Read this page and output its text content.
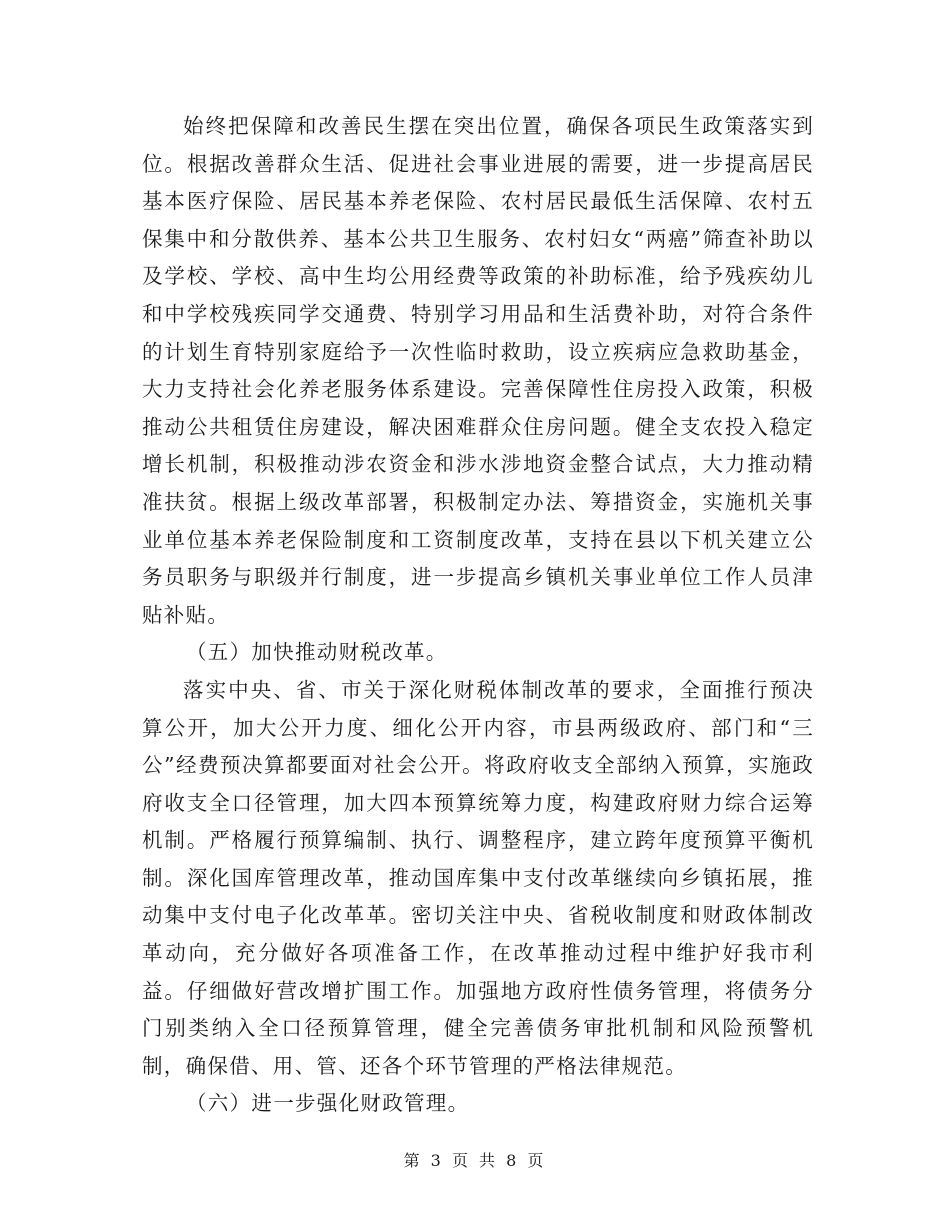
始终把保障和改善民生摆在突出位置，确保各项民生政策落实到位。根据改善群众生活、促进社会事业进展的需要，进一步提高居民基本医疗保险、居民基本养老保险、农村居民最低生活保障、农村五保集中和分散供养、基本公共卫生服务、农村妇女“两癌”筛查补助以及学校、学校、高中生均公用经费等政策的补助标准，给予残疾幼儿和中学校残疾同学交通费、特别学习用品和生活费补助，对符合条件的计划生育特别家庭给予一次性临时救助，设立疾病应急救助基金，大力支持社会化养老服务体系建设。完善保障性住房投入政策，积极推动公共租赁住房建设，解决困难群众住房问题。健全支农投入稳定增长机制，积极推动涉农资金和涉水涉地资金整合试点，大力推动精准扶贫。根据上级改革部署，积极制定办法、筹措资金，实施机关事业单位基本养老保险制度和工资制度改革，支持在县以下机关建立公务员职务与职级并行制度，进一步提高乡镇机关事业单位工作人员津贴补贴。

（五）加快推动财税改革。

落实中央、省、市关于深化财税体制改革的要求，全面推行预决算公开，加大公开力度、细化公开内容，市县两级政府、部门和“三公”经费预决算都要面对社会公开。将政府收支全部纳入预算，实施政府收支全口径管理，加大四本预算统筹力度，构建政府财力综合运筹机制。严格履行预算编制、执行、调整程序，建立跨年度预算平衡机制。深化国库管理改革，推动国库集中支付改革继续向乡镇拓展，推动集中支付电子化改革革。密切关注中央、省税收制度和财政体制改革动向，充分做好各项准备工作，在改革推动过程中维护好我市利益。仔细做好营改增扩围工作。加强地方政府性债务管理，将债务分门别类纳入全口径预算管理，健全完善债务审批机制和风险预警机制，确保借、用、管、还各个环节管理的严格法律规范。

（六）进一步强化财政管理。

第 3 页 共 8 页
